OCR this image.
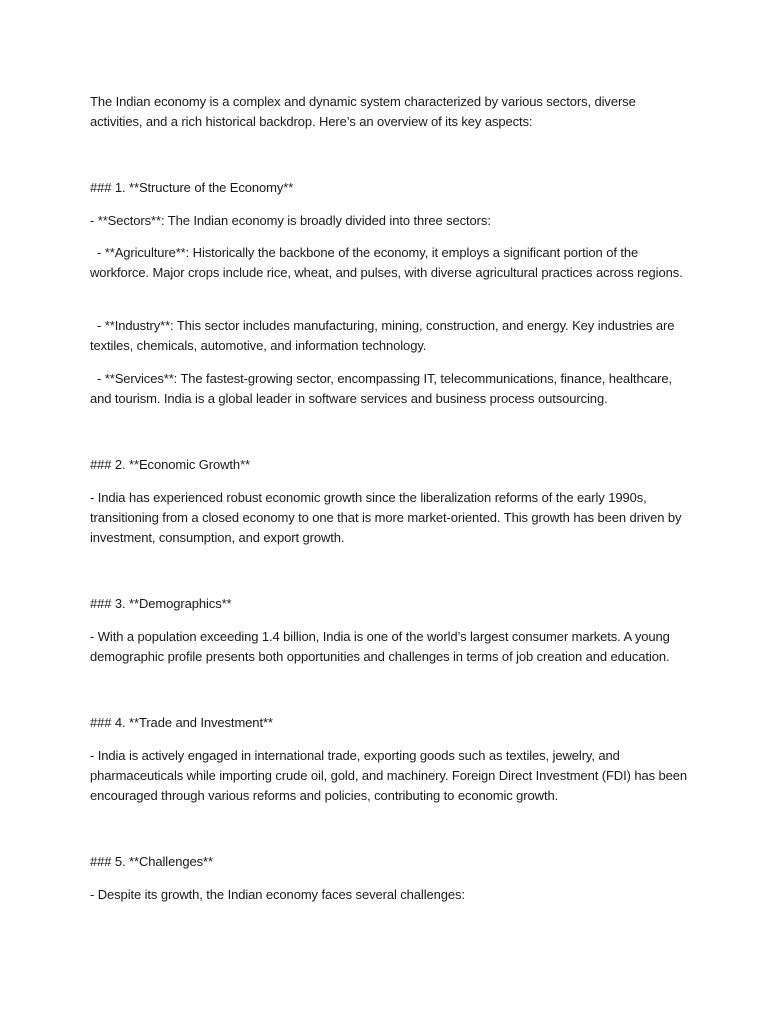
The Indian economy is a complex and dynamic system characterized by various sectors, diverse activities, and a rich historical backdrop. Here’s an overview of its key aspects:

### 1. **Structure of the Economy**

- **Sectors**: The Indian economy is broadly divided into three sectors:

- **Agriculture**: Historically the backbone of the economy, it employs a significant portion of the workforce. Major crops include rice, wheat, and pulses, with diverse agricultural practices across regions.

- **Industry**: This sector includes manufacturing, mining, construction, and energy. Key industries are textiles, chemicals, automotive, and information technology.

- **Services**: The fastest-growing sector, encompassing IT, telecommunications, finance, healthcare, and tourism. India is a global leader in software services and business process outsourcing.

### 2. **Economic Growth**

- India has experienced robust economic growth since the liberalization reforms of the early 1990s, transitioning from a closed economy to one that is more market-oriented. This growth has been driven by investment, consumption, and export growth.

### 3. **Demographics**

- With a population exceeding 1.4 billion, India is one of the world’s largest consumer markets. A young demographic profile presents both opportunities and challenges in terms of job creation and education.

### 4. **Trade and Investment**

- India is actively engaged in international trade, exporting goods such as textiles, jewelry, and pharmaceuticals while importing crude oil, gold, and machinery. Foreign Direct Investment (FDI) has been encouraged through various reforms and policies, contributing to economic growth.

### 5. **Challenges**

- Despite its growth, the Indian economy faces several challenges:
